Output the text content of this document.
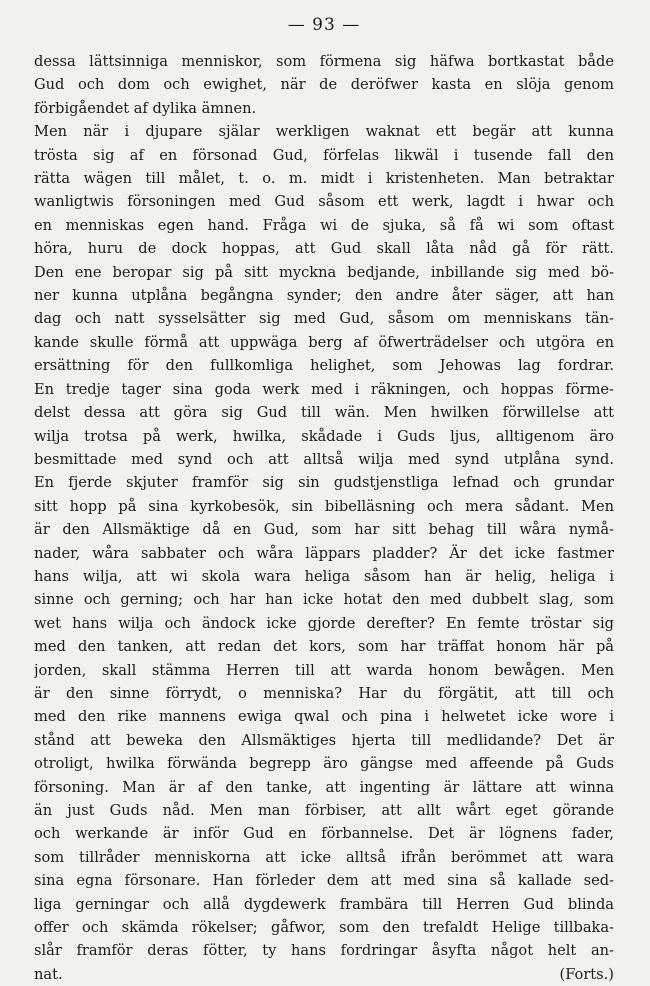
— 93 —
dessa lättsinniga menniskor, som förmena sig häfwa bortkastat både
Gud och dom och ewighet, när de deröfwer kasta en slöja genom
förbigåendet af dylika ämnen.
Men när i djupare själar werkligen waknat ett begär att kunna
trösta sig af en försonad Gud, förfelas likwäl i tusende fall den
rätta wägen till målet, t. o. m. midt i kristenheten. Man betraktar
wanligtwis försoningen med Gud såsom ett werk, lagdt i hwar och
en menniskas egen hand. Fråga wi de sjuka, så få wi som oftast
höra, huru de dock hoppas, att Gud skall låta nåd gå för rätt.
Den ene beropar sig på sitt myckna bedjande, inbillande sig med bö-
ner kunna utplåna begångna synder; den andre åter säger, att han
dag och natt sysselsätter sig med Gud, såsom om menniskans tän-
kande skulle förmå att uppwäga berg af öfwerträdelser och utgöra en
ersättning för den fullkomliga helighet, som Jehowas lag fordrar.
En tredje tager sina goda werk med i räkningen, och hoppas förme-
delst dessa att göra sig Gud till wän. Men hwilken förwillelse att
wilja trotsa på werk, hwilka, skådade i Guds ljus, alltigenom äro
besmittade med synd och att alltså wilja med synd utplåna synd.
En fjerde skjuter framför sig sin gudstjenstliga lefnad och grundar
sitt hopp på sina kyrkobesök, sin bibelläsning och mera sådant. Men
är den Allsmäktige då en Gud, som har sitt behag till wåra nymå-
nader, wåra sabbater och wåra läppars pladder? Är det icke fastmer
hans wilja, att wi skola wara heliga såsom han är helig, heliga i
sinne och gerning; och har han icke hotat den med dubbelt slag, som
wet hans wilja och ändock icke gjorde derefter? En femte tröstar sig
med den tanken, att redan det kors, som har träffat honom här på
jorden, skall stämma Herren till att warda honom bewågen. Men
är den sinne förrydt, o menniska? Har du förgätit, att till och
med den rike mannens ewiga qwal och pina i helwetet icke wore i
stånd att beweka den Allsmäktiges hjerta till medlidande? Det är
otroligt, hwilka förwända begrepp äro gängse med affeende på Guds
försoning. Man är af den tanke, att ingenting är lättare att winna
än just Guds nåd. Men man förbiser, att allt wårt eget görande
och werkande är inför Gud en förbannelse. Det är lögnens fader,
som tillråder menniskorna att icke alltså ifrån berömmet att wara
sina egna försonare. Han förleder dem att med sina så kallade sed-
liga gerningar och allå dygdewerk frambära till Herren Gud blinda
offer och skämda rökelser; gåfwor, som den trefaldt Helige tillbaka-
slår framför deras fötter, ty hans fordringar åsyfta något helt an-
nat.	(Forts.)
